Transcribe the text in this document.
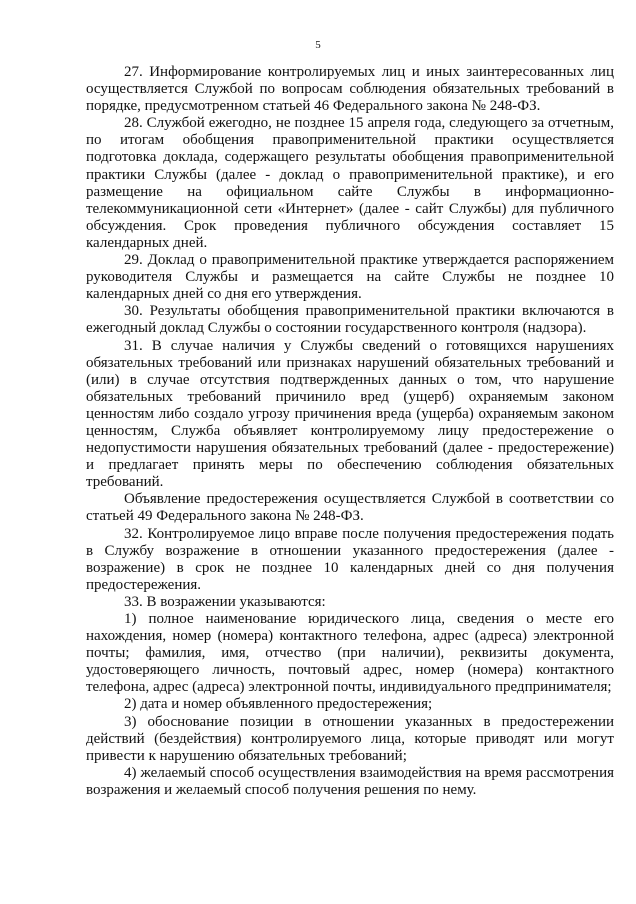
5

27. Информирование контролируемых лиц и иных заинтересованных лиц осуществляется Службой по вопросам соблюдения обязательных требований в порядке, предусмотренном статьей 46 Федерального закона № 248-ФЗ.

28. Службой ежегодно, не позднее 15 апреля года, следующего за отчетным, по итогам обобщения правоприменительной практики осуществляется подготовка доклада, содержащего результаты обобщения правоприменительной практики Службы (далее - доклад о правоприменительной практике), и его размещение на официальном сайте Службы в информационно-телекоммуникационной сети «Интернет» (далее - сайт Службы) для публичного обсуждения. Срок проведения публичного обсуждения составляет 15 календарных дней.

29. Доклад о правоприменительной практике утверждается распоряжением руководителя Службы и размещается на сайте Службы не позднее 10 календарных дней со дня его утверждения.

30. Результаты обобщения правоприменительной практики включаются в ежегодный доклад Службы о состоянии государственного контроля (надзора).

31. В случае наличия у Службы сведений о готовящихся нарушениях обязательных требований или признаках нарушений обязательных требований и (или) в случае отсутствия подтвержденных данных о том, что нарушение обязательных требований причинило вред (ущерб) охраняемым законом ценностям либо создало угрозу причинения вреда (ущерба) охраняемым законом ценностям, Служба объявляет контролируемому лицу предостережение о недопустимости нарушения обязательных требований (далее - предостережение) и предлагает принять меры по обеспечению соблюдения обязательных требований.

Объявление предостережения осуществляется Службой в соответствии со статьей 49 Федерального закона № 248-ФЗ.

32. Контролируемое лицо вправе после получения предостережения подать в Службу возражение в отношении указанного предостережения (далее - возражение) в срок не позднее 10 календарных дней со дня получения предостережения.

33. В возражении указываются:

1) полное наименование юридического лица, сведения о месте его нахождения, номер (номера) контактного телефона, адрес (адреса) электронной почты; фамилия, имя, отчество (при наличии), реквизиты документа, удостоверяющего личность, почтовый адрес, номер (номера) контактного телефона, адрес (адреса) электронной почты, индивидуального предпринимателя;

2) дата и номер объявленного предостережения;

3) обоснование позиции в отношении указанных в предостережении действий (бездействия) контролируемого лица, которые приводят или могут привести к нарушению обязательных требований;

4) желаемый способ осуществления взаимодействия на время рассмотрения возражения и желаемый способ получения решения по нему.
